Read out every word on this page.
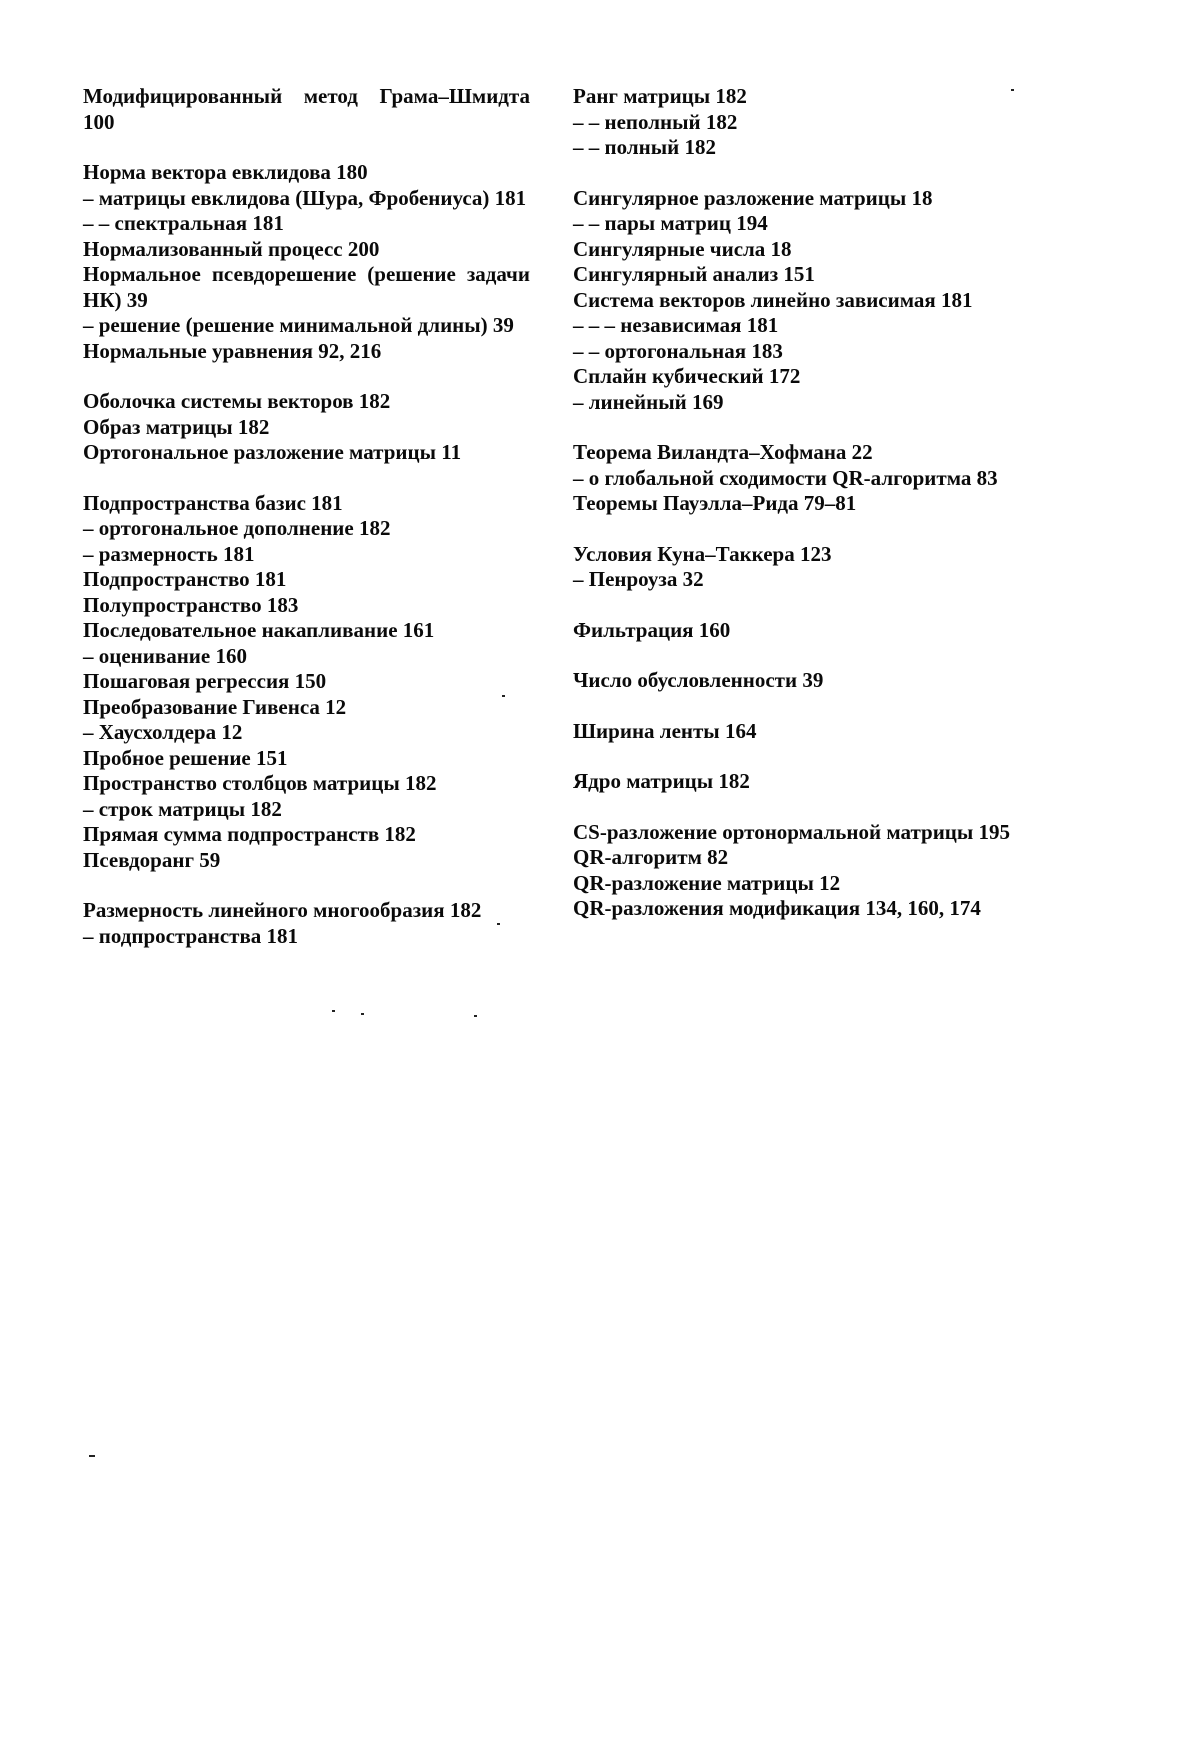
Модифицированный метод Грама–Шмидта 100
Норма вектора евклидова 180
– матрицы евклидова (Шура, Фробениуса) 181
– – спектральная 181
Нормализованный процесс 200
Нормальное псевдорешение (решение задачи НК) 39
– решение (решение минимальной длины) 39
Нормальные уравнения 92, 216
Оболочка системы векторов 182
Образ матрицы 182
Ортогональное разложение матрицы 11
Подпространства базис 181
– ортогональное дополнение 182
– размерность 181
Подпространство 181
Полупространство 183
Последовательное накапливание 161
– оценивание 160
Пошаговая регрессия 150
Преобразование Гивенса 12
– Хаусхолдера 12
Пробное решение 151
Пространство столбцов матрицы 182
– строк матрицы 182
Прямая сумма подпространств 182
Псевдоранг 59
Размерность линейного многообразия 182
– подпространства 181
Ранг матрицы 182
– – неполный 182
– – полный 182
Сингулярное разложение матрицы 18
– – пары матриц 194
Сингулярные числа 18
Сингулярный анализ 151
Система векторов линейно зависимая 181
– – – независимая 181
– – ортогональная 183
Сплайн кубический 172
– линейный 169
Теорема Виландта–Хофмана 22
– о глобальной сходимости QR-алгоритма 83
Теоремы Пауэлла–Рида 79–81
Условия Куна–Таккера 123
– Пенроуза 32
Фильтрация 160
Число обусловленности 39
Ширина ленты 164
Ядро матрицы 182
CS-разложение ортонормальной матрицы 195
QR-алгоритм 82
QR-разложение матрицы 12
QR-разложения модификация 134, 160, 174
